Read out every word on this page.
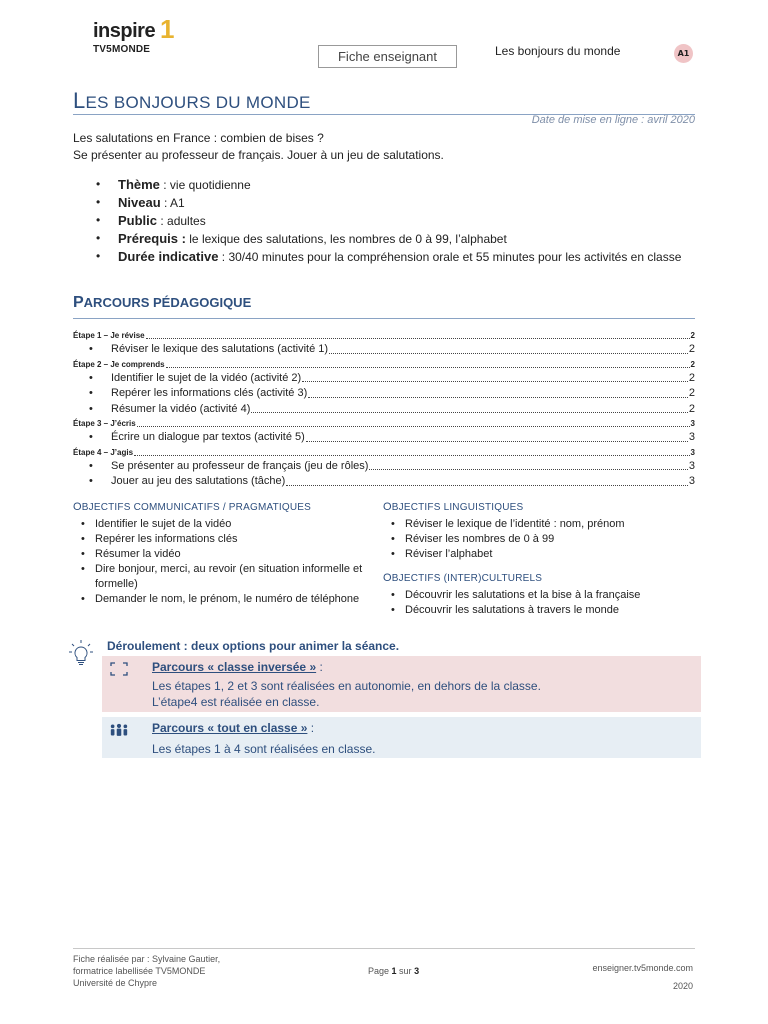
inspire 1
TV5MONDE	Fiche enseignant	Les bonjours du monde	A1
LES BONJOURS DU MONDE
Date de mise en ligne : avril 2020
Les salutations en France : combien de bises ?
Se présenter au professeur de français. Jouer à un jeu de salutations.
• Thème : vie quotidienne
• Niveau : A1
• Public : adultes
• Prérequis : le lexique des salutations, les nombres de 0 à 99, l’alphabet
• Durée indicative : 30/40 minutes pour la compréhension orale et 55 minutes pour les activités en classe
PARCOURS PÉDAGOGIQUE
Étape 1 – Je révise	2
•	Réviser le lexique des salutations (activité 1)	2
Étape 2 – Je comprends	2
•	Identifier le sujet de la vidéo (activité 2)	2
•	Repérer les informations clés (activité 3)	2
•	Résumer la vidéo (activité 4)	2
Étape 3 – J’écris	3
•	Écrire un dialogue par textos (activité 5)	3
Étape 4 – J’agis	3
•	Se présenter au professeur de français (jeu de rôles)	3
•	Jouer au jeu des salutations (tâche)	3
OBJECTIFS COMMUNICATIFS / PRAGMATIQUES
• Identifier le sujet de la vidéo
• Repérer les informations clés
• Résumer la vidéo
• Dire bonjour, merci, au revoir (en situation informelle et formelle)
• Demander le nom, le prénom, le numéro de téléphone
OBJECTIFS LINGUISTIQUES
• Réviser le lexique de l’identité : nom, prénom
• Réviser les nombres de 0 à 99
• Réviser l’alphabet
OBJECTIFS (INTER)CULTURELS
• Découvrir les salutations et la bise à la française
• Découvrir les salutations à travers le monde
Déroulement : deux options pour animer la séance.
Parcours « classe inversée » :
Les étapes 1, 2 et 3 sont réalisées en autonomie, en dehors de la classe.
L’étape4 est réalisée en classe.
Parcours « tout en classe » :
Les étapes 1 à 4 sont réalisées en classe.
Fiche réalisée par : Sylvaine Gautier,
formatrice labellisée TV5MONDE
Université de Chypre
Page 1 sur 3	enseigner.tv5monde.com
2020
